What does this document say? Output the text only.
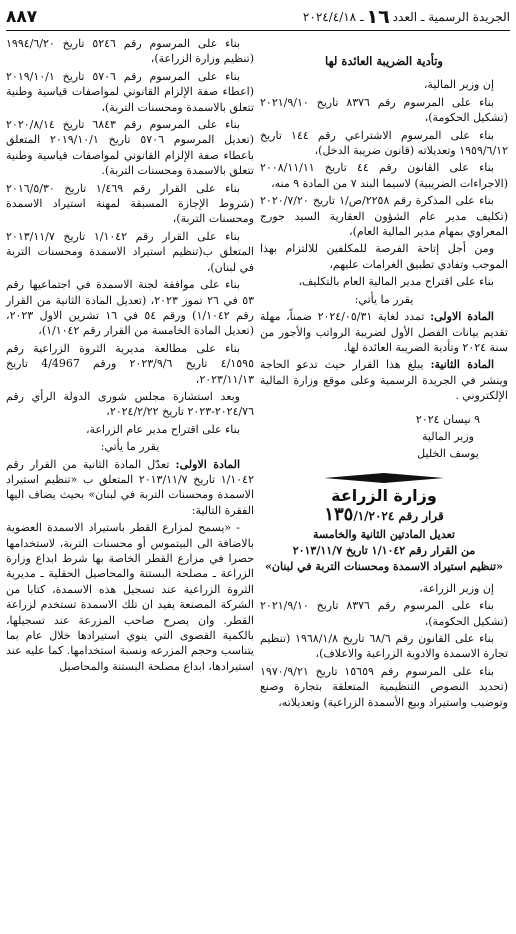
الجريدة الرسمية ـ العدد
١٦
ـ ٢٠٢٤/٤/١٨
٨٨٧
وتأدية الضريبة العائدة لها

إن وزير المالية،

بناء على المرسوم رقم ٨٣٧٦ تاريخ ٢٠٢١/٩/١٠ (تشكيل الحكومة)،

بناء على المرسوم الاشتراعي رقم ١٤٤ تاريخ ١٩٥٩/٦/١٢ وتعديلاته (قانون ضريبة الدخل)،

بناء على القانون رقم ٤٤ تاريخ ٢٠٠٨/١١/١١ (الاجراءات الضريبية) لاسيما البند ٧ من المادة ٩ منه،

بناء على المذكرة رقم ٢٢٥٨/ص/١ تاريخ ٢٠٢٠/٧/٢٠ (تكليف مدير عام الشؤون العقارية السيد جورج المعراوي بمهام مدير المالية العام)،

ومن أجل إتاحة الفرصة للمكلفين للالتزام بهذا الموجب وتفادي تطبيق الغرامات عليهم،

بناء على اقتراح مدير المالية العام بالتكليف،

يقرر ما يأتي:

المادة الاولى: تمدد لغاية ٢٠٢٤/٠٥/٣١ ضمناً، مهلة تقديم بيانات الفصل الأول لضريبة الرواتب والأجور من سنة ٢٠٢٤ وتأدية الضريبة العائدة لها.

المادة الثانية: يبلغ هذا القرار حيث تدعو الحاجة وينشر في الجريدة الرسمية وعلى موقع وزارة المالية الإلكتروني .

٩ نيسان ٢٠٢٤

وزير المالية

يوسف الخليل

وزارة الزراعة
قرار رقم ١٣٥/١/٢٠٢٤
تعديل المادتين الثانية والخامسة
من القرار رقم ١/١٠٤٢ تاريخ ٢٠١٣/١١/٧
«تنظيم استيراد الاسمدة ومحسنات التربة في لبنان»

إن وزير الزراعة،

بناء على المرسوم رقم ٨٣٧٦ تاريخ ٢٠٢١/٩/١٠ (تشكيل الحكومة)،

بناء على القانون رقم ٦٨/٦ تاريخ ١٩٦٨/١/٨ (تنظيم تجارة الاسمدة والادوية الزراعية والاعلاف)،

بناء على المرسوم رقم ١٥٦٥٩ تاريخ ١٩٧٠/٩/٢١ (تحديد النصوص التنظيمية المتعلقة بتجارة وصنع وتوضيب واستيراد وبيع الأسمدة الزراعية) وتعديلاته،

بناء على المرسوم رقم ٥٢٤٦ تاريخ ١٩٩٤/٦/٢٠ (تنظيم وزارة الزراعة)،

بناء على المرسوم رقم ٥٧٠٦ تاريخ ٢٠١٩/١٠/١ (اعطاء صفة الإلزام القانوني لمواصفات قياسية وطنية تتعلق بالاسمدة ومحسنات التربة)،

بناء على المرسوم رقم ٦٨٤٣ تاريخ ٢٠٢٠/٨/١٤ (تعديل المرسوم ٥٧٠٦ تاريخ ٢٠١٩/١٠/١ المتعلق باعطاء صفة الإلزام القانوني لمواصفات قياسية وطنية تتعلق بالاسمدة ومحسنات التربة).

بناء على القرار رقم ١/٤٦٩ تاريخ ٢٠١٦/٥/٣٠ (شروط الإجازة المسبقة لمهنة استيراد الاسمدة ومحسنات التربة)،

بناء على القرار رقم ١/١٠٤٢ تاريخ ٢٠١٣/١١/٧ المتعلق ب(تنظيم استيراد الاسمدة ومحسنات التربة في لبنان)،

بناء على موافقة لجنة الاسمدة في اجتماعيها رقم ٥٣ في ٢٦ تموز ٢٠٢٣، (تعديل المادة الثانية من القرار رقم ١/١٠٤٢) ورقم ٥٤ في ١٦ تشرين الاول ٢٠٢٣، (تعديل المادة الخامسة من القرار رقم ١/١٠٤٢)،

بناء على مطالعة مديرية الثروة الزراعية رقم ٤/١٥٩٥ تاريخ ٢٠٢٣/٩/٦ ورقم 4/4967 تاريخ ٢٠٢٣/١١/١٣،

وبعد استشارة مجلس شورى الدولة الرأي رقم ٢٠٢٤/٧٦-٢٠٢٣ تاريخ ٢٠٢٤/٢/٢٢،

بناء على اقتراح مدير عام الزراعة،

يقرر ما يأتي:

المادة الاولى: تعدّل المادة الثانية من القرار رقم ١/١٠٤٢ تاريخ ٢٠١٣/١١/٧ المتعلق ب «تنظيم استيراد الاسمدة ومحسنات التربة في لبنان» بحيث يضاف اليها الفقرة التالية:

- «يسمح لمزارع القطر باستيراد الاسمدة العضوية بالاضافة الى البيتموس أو محسنات التربة، لاستخدامها حصرا في مزارع القطر الخاصة بها شرط ابداع وزارة الزراعة ـ مصلحة البستنة والمحاصيل الحقلية ـ مديرية الثروة الزراعية عند تسجيل هذه الاسمدة، كتابا من الشركة المصنعة يفيد ان تلك الاسمدة تستخدم لزراعة القطر. وان يصرح صاحب المزرعة عند تسجيلها، بالكمية القصوى التي ينوي استيرادها خلال عام بما يتناسب وحجم المزرعه ونسبة استخدامها. كما عليه عند استيرادها، ابداع مصلحة البستنة والمحاصيل
